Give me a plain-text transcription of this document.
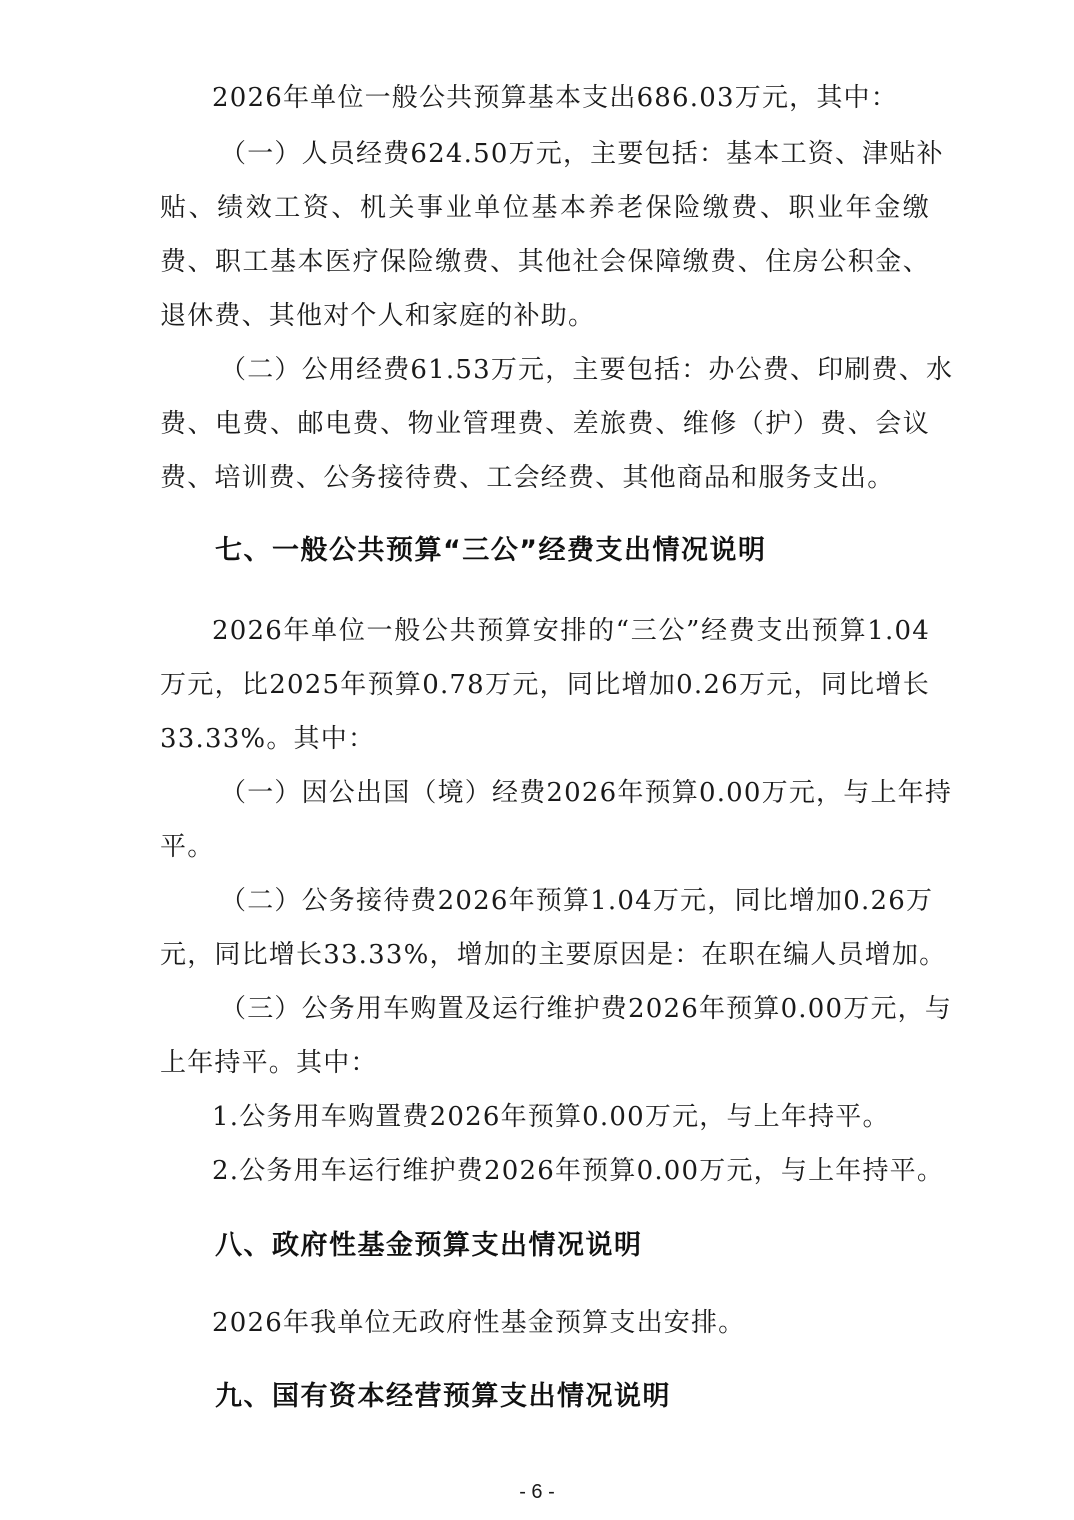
2026年单位一般公共预算基本支出686.03万元，其中：
（一）人员经费624.50万元，主要包括：基本工资、津贴补
贴、绩效工资、机关事业单位基本养老保险缴费、职业年金缴
费、职工基本医疗保险缴费、其他社会保障缴费、住房公积金、
退休费、其他对个人和家庭的补助。
（二）公用经费61.53万元，主要包括：办公费、印刷费、水
费、电费、邮电费、物业管理费、差旅费、维修（护）费、会议
费、培训费、公务接待费、工会经费、其他商品和服务支出。
七、一般公共预算“三公”经费支出情况说明
2026年单位一般公共预算安排的“三公”经费支出预算1.04
万元，比2025年预算0.78万元，同比增加0.26万元，同比增长
33.33%。其中：
（一）因公出国（境）经费2026年预算0.00万元，与上年持
平。
（二）公务接待费2026年预算1.04万元，同比增加0.26万
元，同比增长33.33%，增加的主要原因是：在职在编人员增加。
（三）公务用车购置及运行维护费2026年预算0.00万元，与
上年持平。其中：
1.公务用车购置费2026年预算0.00万元，与上年持平。
2.公务用车运行维护费2026年预算0.00万元，与上年持平。
八、政府性基金预算支出情况说明
2026年我单位无政府性基金预算支出安排。
九、国有资本经营预算支出情况说明
- 6 -
